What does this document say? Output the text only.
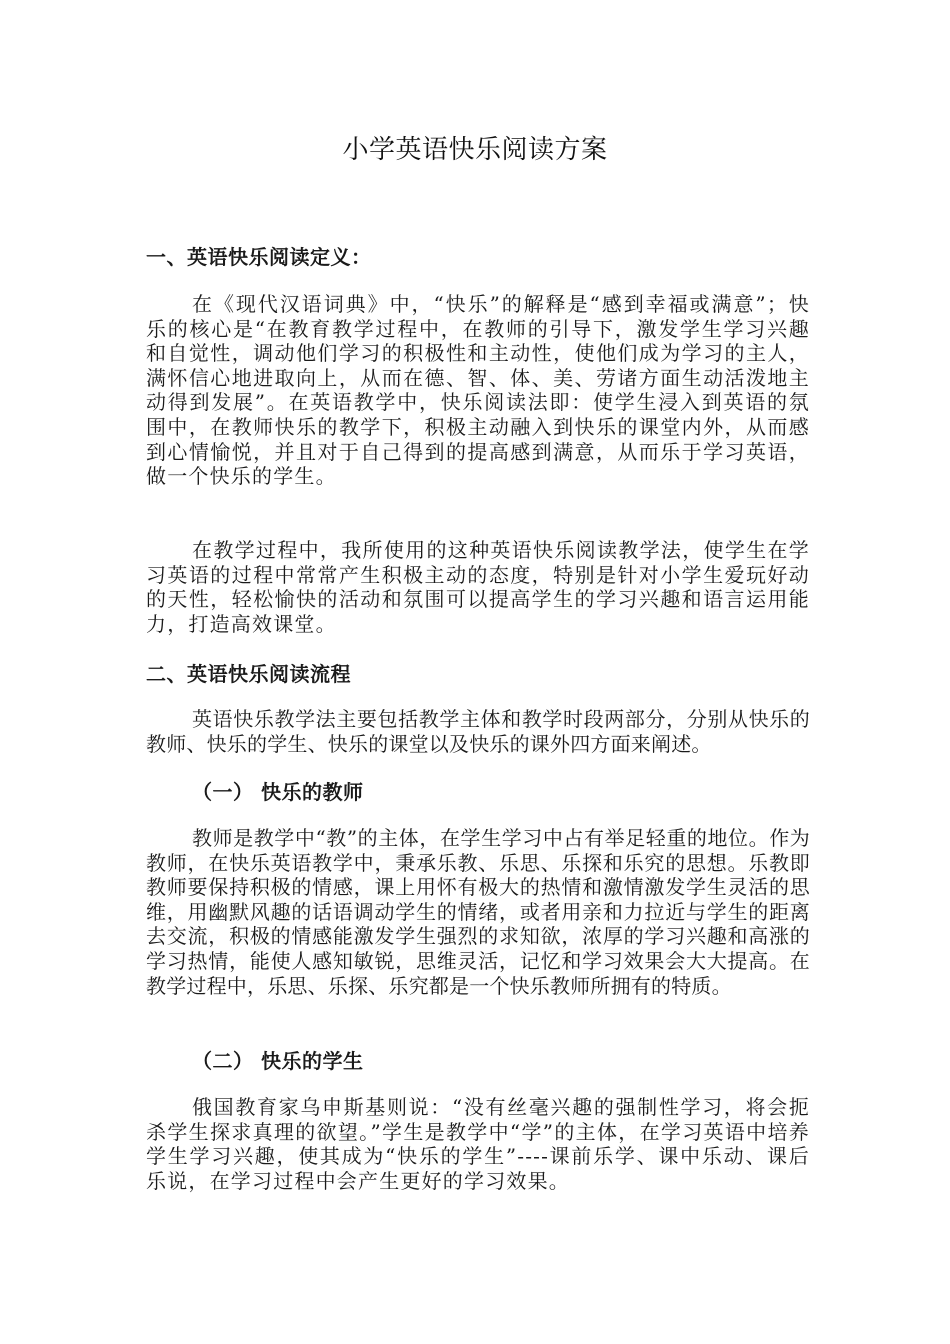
小学英语快乐阅读方案
一、英语快乐阅读定义：
在《现代汉语词典》中，“快乐”的解释是“感到幸福或满意”；快乐的核心是“在教育教学过程中，在教师的引导下，激发学生学习兴趣和自觉性，调动他们学习的积极性和主动性，使他们成为学习的主人，满怀信心地进取向上，从而在德、智、体、美、劳诸方面生动活泼地主动得到发展”。在英语教学中，快乐阅读法即：使学生浸入到英语的氛围中，在教师快乐的教学下，积极主动融入到快乐的课堂内外，从而感到心情愉悦，并且对于自己得到的提高感到满意，从而乐于学习英语，做一个快乐的学生。
在教学过程中，我所使用的这种英语快乐阅读教学法，使学生在学习英语的过程中常常产生积极主动的态度，特别是针对小学生爱玩好动的天性，轻松愉快的活动和氛围可以提高学生的学习兴趣和语言运用能力，打造高效课堂。
二、英语快乐阅读流程
英语快乐教学法主要包括教学主体和教学时段两部分，分别从快乐的教师、快乐的学生、快乐的课堂以及快乐的课外四方面来阐述。
（一） 快乐的教师
教师是教学中“教”的主体，在学生学习中占有举足轻重的地位。作为教师，在快乐英语教学中，秉承乐教、乐思、乐探和乐究的思想。乐教即教师要保持积极的情感，课上用怀有极大的热情和激情激发学生灵活的思维，用幽默风趣的话语调动学生的情绪，或者用亲和力拉近与学生的距离去交流，积极的情感能激发学生强烈的求知欲，浓厚的学习兴趣和高涨的学习热情，能使人感知敏锐，思维灵活，记忆和学习效果会大大提高。在教学过程中，乐思、乐探、乐究都是一个快乐教师所拥有的特质。
（二） 快乐的学生
俄国教育家乌申斯基则说：“没有丝毫兴趣的强制性学习，将会扼杀学生探求真理的欲望。”学生是教学中“学”的主体，在学习英语中培养学生学习兴趣，使其成为“快乐的学生”----课前乐学、课中乐动、课后乐说，在学习过程中会产生更好的学习效果。
